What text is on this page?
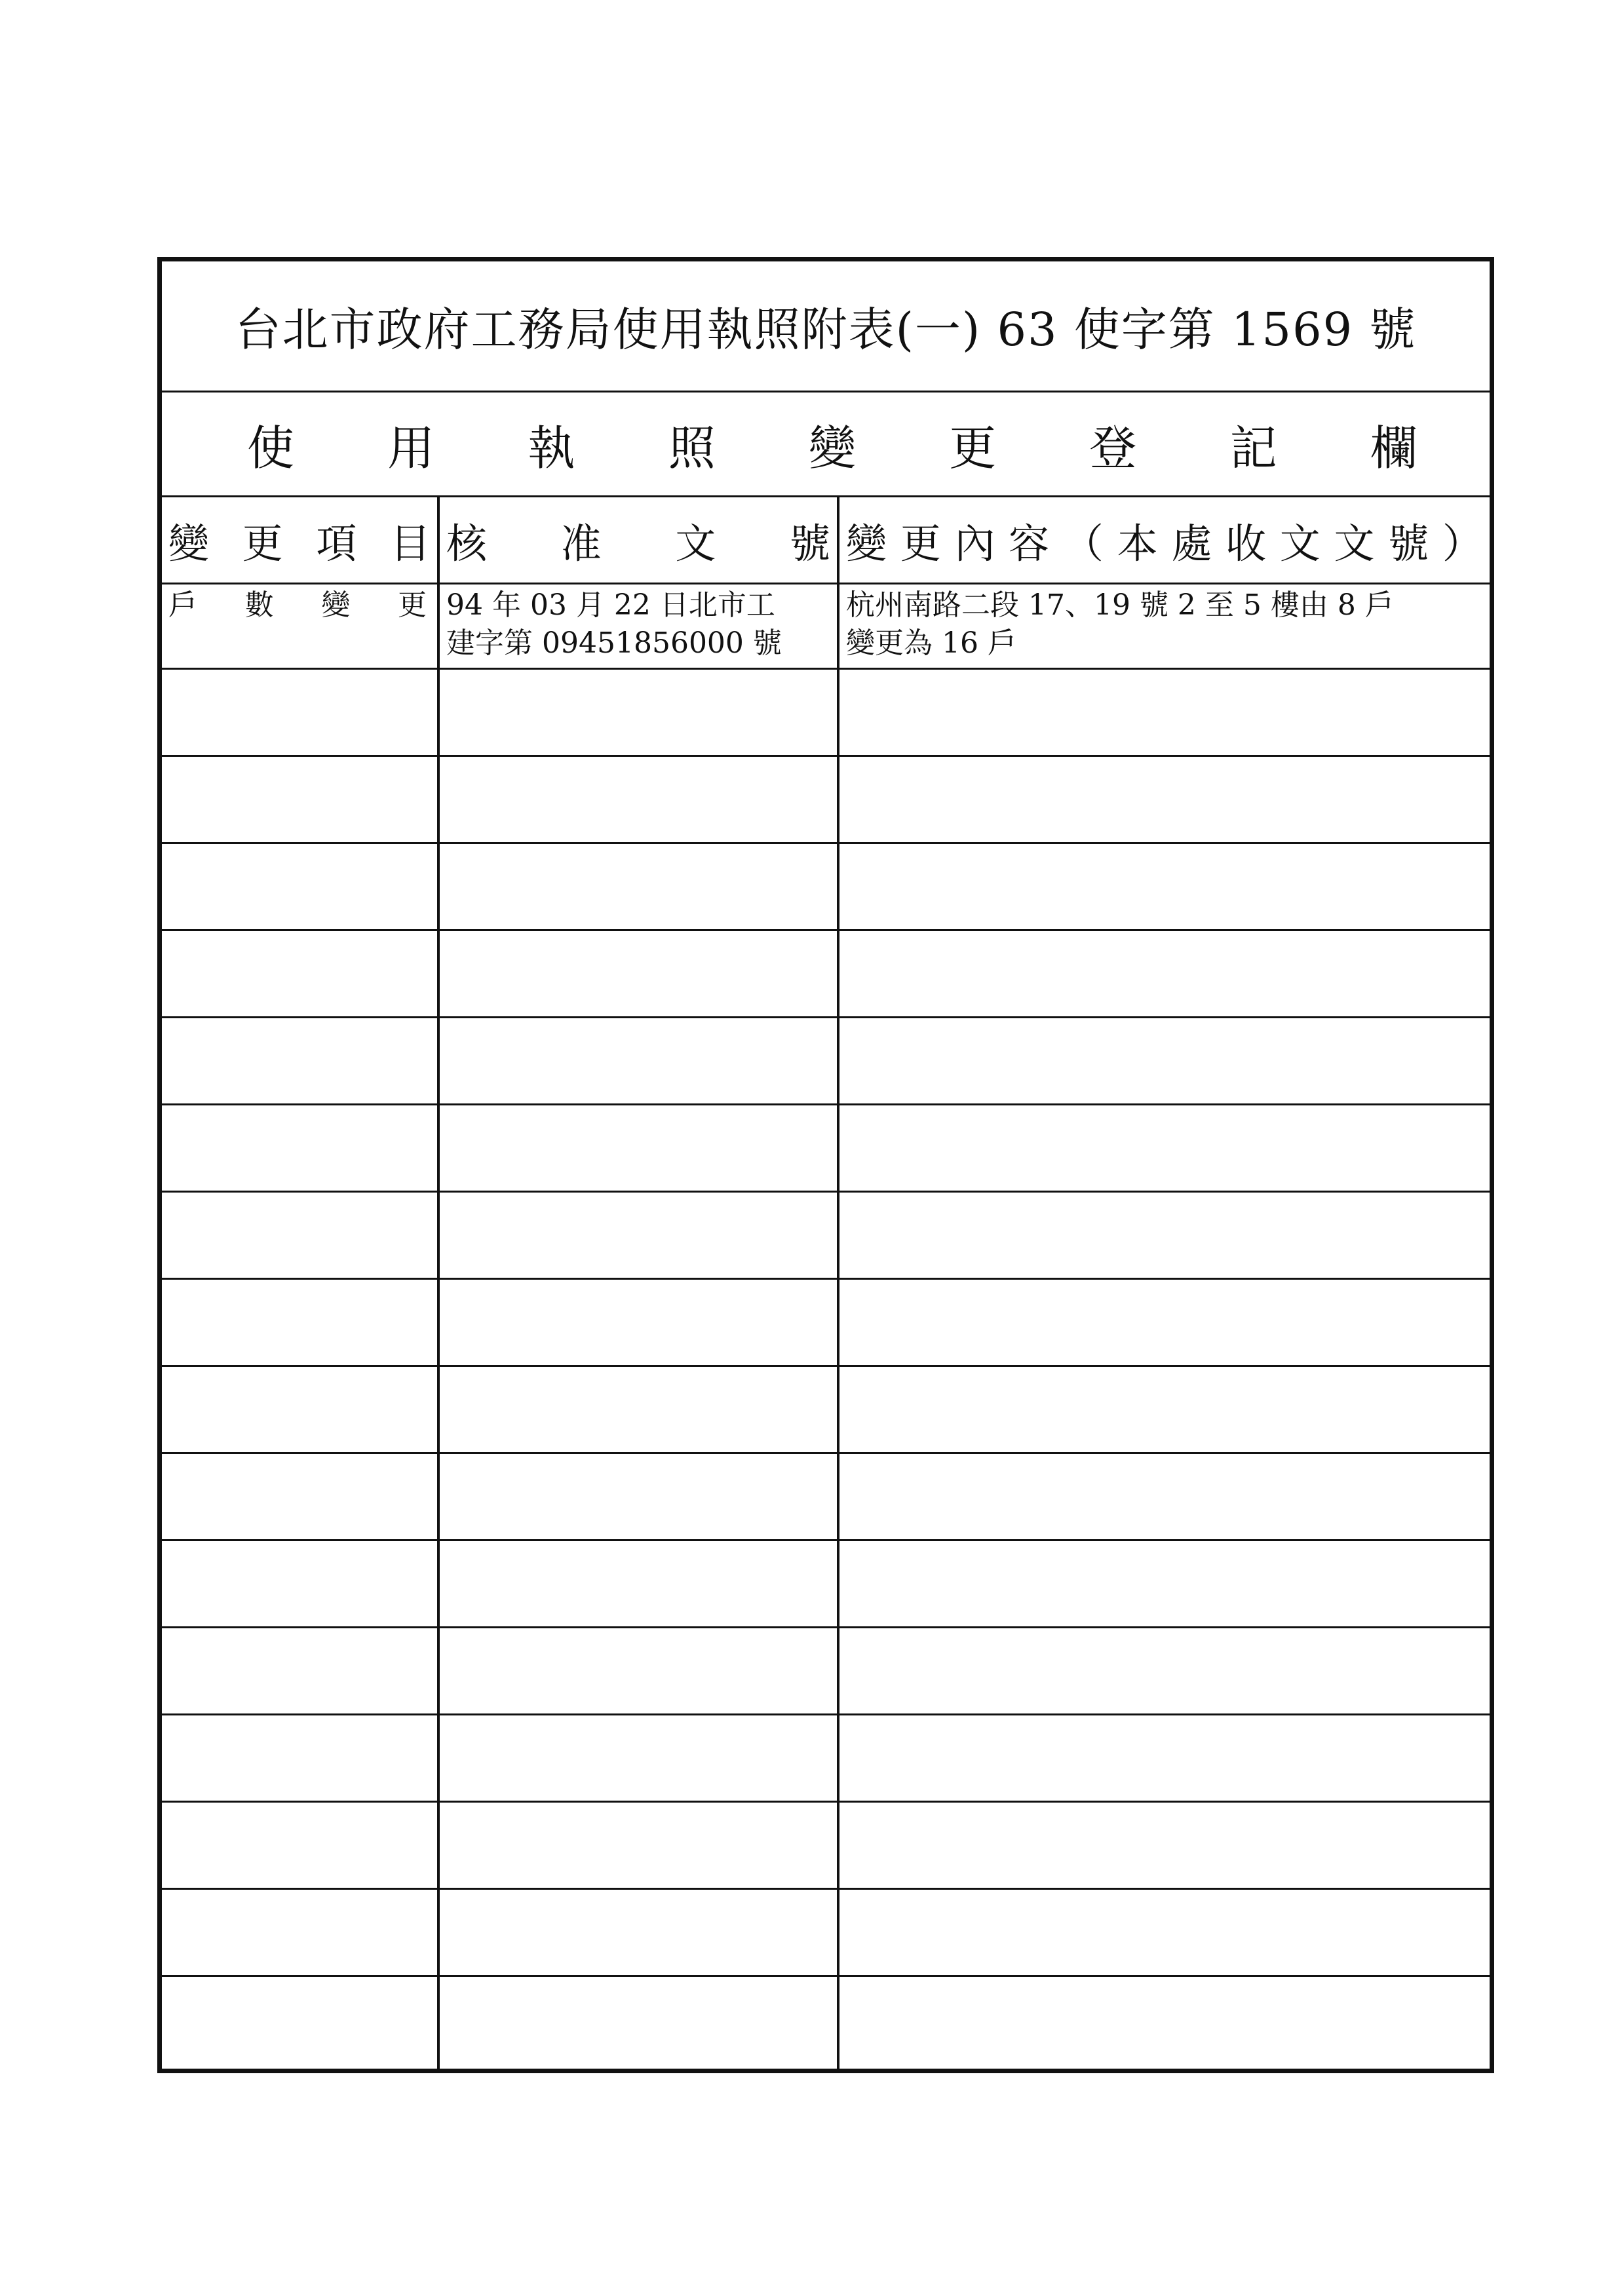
台北市政府工務局使用執照附表(一) 63 使字第 1569 號
使 用 執 照 變 更 登 記 欄
變 更 項 目 核 准 文 號 變 更 內 容 （ 本 處 收 文 文 號 ）
戶 數 變 更 94 年 03 月 22 日北市工
建字第 09451856000 號
杭州南路二段 17、19 號 2 至 5 樓由 8 戶
變更為 16 戶
